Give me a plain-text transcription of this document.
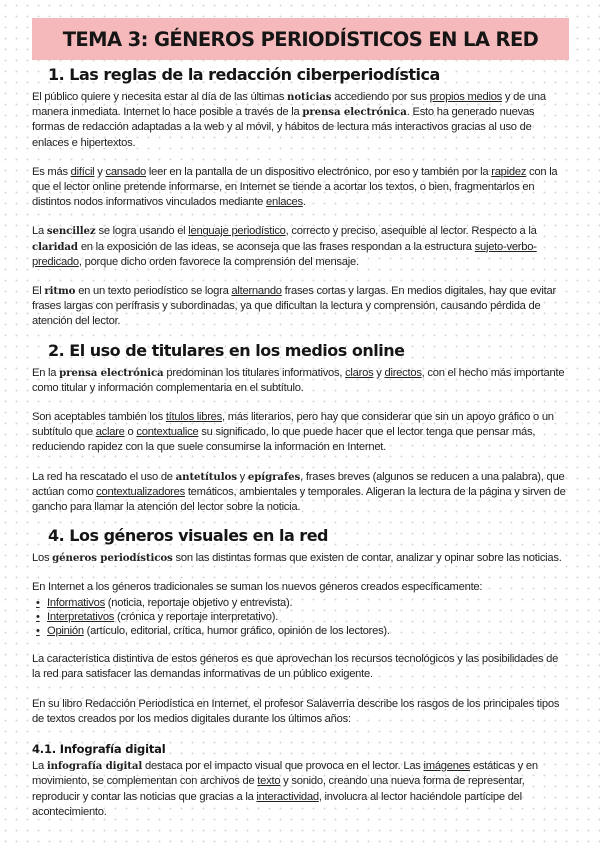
TEMA 3: GÉNEROS PERIODÍSTICOS EN LA RED
1. Las reglas de la redacción ciberperiodística

El público quiere y necesita estar al día de las últimas noticias accediendo por sus propios medios y de una manera inmediata. Internet lo hace posible a través de la prensa electrónica. Esto ha generado nuevas formas de redacción adaptadas a la web y al móvil, y hábitos de lectura más interactivos gracias al uso de enlaces e hipertextos.

Es más difícil y cansado leer en la pantalla de un dispositivo electrónico, por eso y también por la rapidez con la que el lector online pretende informarse, en Internet se tiende a acortar los textos, o bien, fragmentarlos en distintos nodos informativos vinculados mediante enlaces.

La sencillez se logra usando el lenguaje periodístico, correcto y preciso, asequible al lector. Respecto a la claridad en la exposición de las ideas, se aconseja que las frases respondan a la estructura sujeto-verbo-predicado, porque dicho orden favorece la comprensión del mensaje.

El ritmo en un texto periodístico se logra alternando frases cortas y largas. En medios digitales, hay que evitar frases largas con perífrasis y subordinadas, ya que dificultan la lectura y comprensión, causando pérdida de atención del lector.

2. El uso de titulares en los medios online

En la prensa electrónica predominan los titulares informativos, claros y directos, con el hecho más importante como titular y información complementaria en el subtítulo.

Son aceptables también los títulos libres, más literarios, pero hay que considerar que sin un apoyo gráfico o un subtítulo que aclare o contextualice su significado, lo que puede hacer que el lector tenga que pensar más, reduciendo rapidez con la que suele consumirse la información en Internet.

La red ha rescatado el uso de antetítulos y epígrafes, frases breves (algunos se reducen a una palabra), que actúan como contextualizadores temáticos, ambientales y temporales. Aligeran la lectura de la página y sirven de gancho para llamar la atención del lector sobre la noticia.

4. Los géneros visuales en la red

Los géneros periodísticos son las distintas formas que existen de contar, analizar y opinar sobre las noticias.

En Internet a los géneros tradicionales se suman los nuevos géneros creados específicamente:

• Informativos (noticia, reportaje objetivo y entrevista).
• Interpretativos (crónica y reportaje interpretativo).
• Opinión (artículo, editorial, crítica, humor gráfico, opinión de los lectores).

La característica distintiva de estos géneros es que aprovechan los recursos tecnológicos y las posibilidades de la red para satisfacer las demandas informativas de un público exigente.

En su libro Redacción Periodística en Internet, el profesor Salaverría describe los rasgos de los principales tipos de textos creados por los medios digitales durante los últimos años:

4.1. Infografía digital

La infografía digital destaca por el impacto visual que provoca en el lector. Las imágenes estáticas y en movimiento, se complementan con archivos de texto y sonido, creando una nueva forma de representar, reproducir y contar las noticias que gracias a la interactividad, involucra al lector haciéndole partícipe del acontecimiento.
